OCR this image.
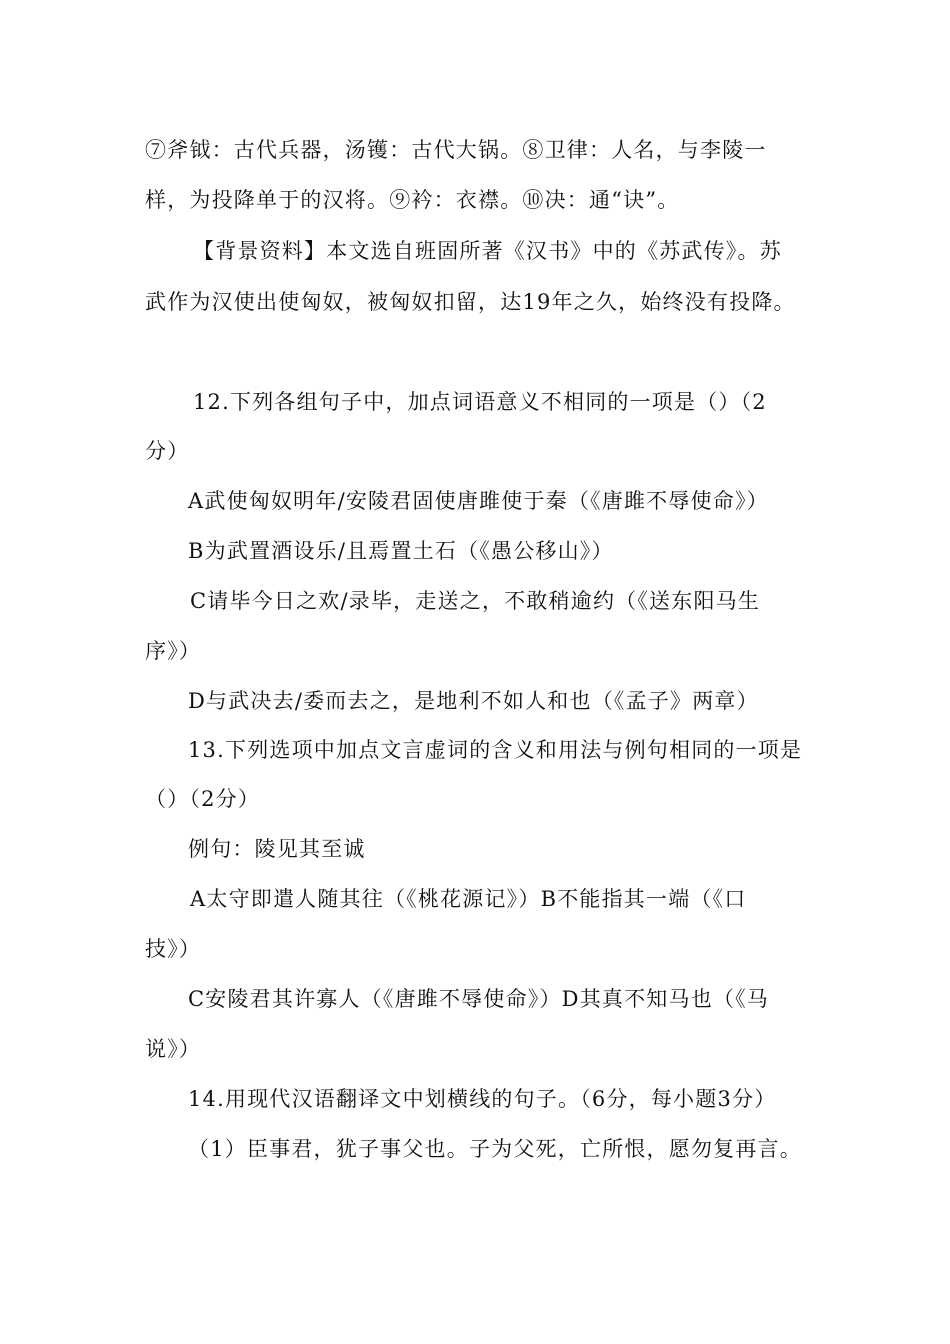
⑦斧钺：古代兵器，汤镬：古代大锅。⑧卫律：人名，与李陵一
样，为投降单于的汉将。⑨衿：衣襟。⑩决：通“诀”。
【背景资料】本文选自班固所著《汉书》中的《苏武传》。苏
武作为汉使出使匈奴，被匈奴扣留，达19年之久，始终没有投降。
12.下列各组句子中，加点词语意义不相同的一项是（）（2
分）
A武使匈奴明年/安陵君固使唐雎使于秦（《唐雎不辱使命》）
B为武置酒设乐/且焉置土石（《愚公移山》）
C请毕今日之欢/录毕，走送之，不敢稍逾约（《送东阳马生
序》）
D与武决去/委而去之，是地利不如人和也（《孟子》两章）
13.下列选项中加点文言虚词的含义和用法与例句相同的一项是
（）（2分）
例句：陵见其至诚
A太守即遣人随其往（《桃花源记》）B不能指其一端（《口
技》）
C安陵君其许寡人（《唐雎不辱使命》）D其真不知马也（《马
说》）
14.用现代汉语翻译文中划横线的句子。（6分，每小题3分）
（1）臣事君，犹子事父也。子为父死，亡所恨，愿勿复再言。
